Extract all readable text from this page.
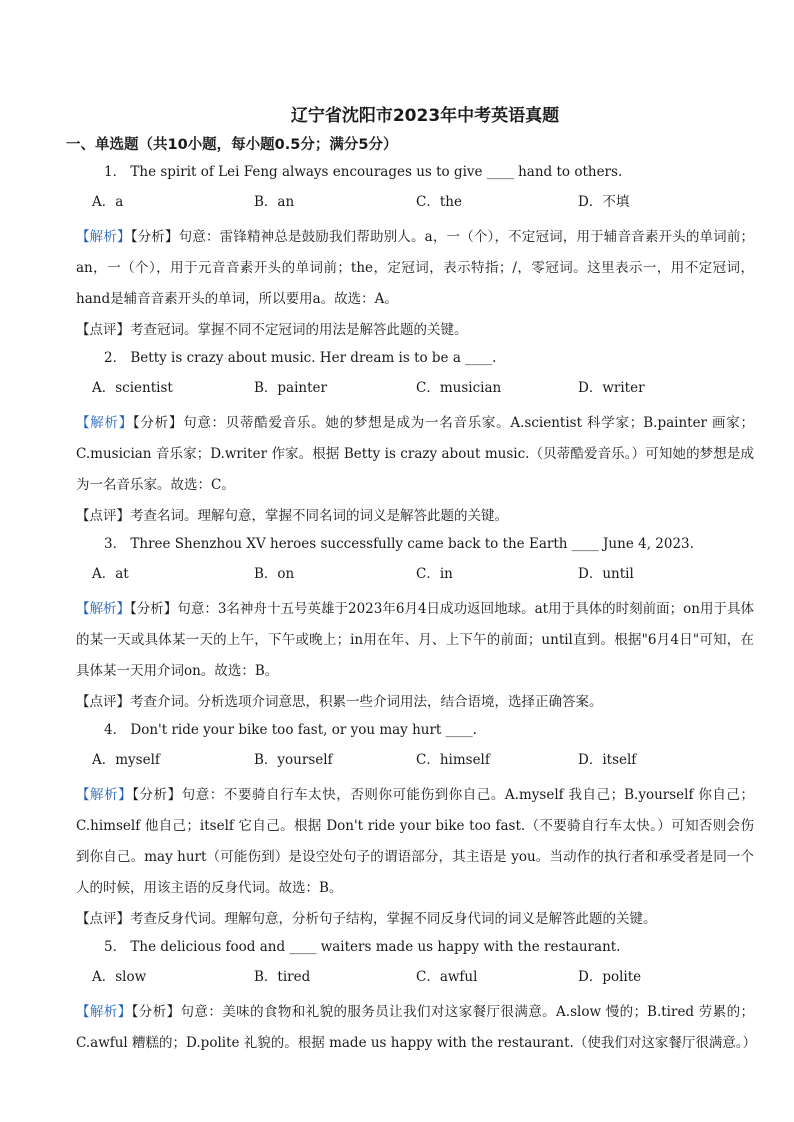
辽宁省沈阳市2023年中考英语真题
一、单选题（共10小题，每小题0.5分；满分5分）
1． The spirit of Lei Feng always encourages us to give ____ hand to others.
A．a	B．an	C．the	D．不填
【解析】【分析】句意：雷锋精神总是鼓励我们帮助别人。a，一（个），不定冠词，用于辅音音素开头的单词前；an，一（个），用于元音音素开头的单词前；the，定冠词，表示特指；/，零冠词。这里表示一，用不定冠词，hand是辅音音素开头的单词，所以要用a。故选：A。
【点评】考查冠词。掌握不同不定冠词的用法是解答此题的关键。
2． Betty is crazy about music. Her dream is to be a ____.
A．scientist	B．painter	C．musician	D．writer
【解析】【分析】句意：贝蒂酷爱音乐。她的梦想是成为一名音乐家。A.scientist 科学家；B.painter 画家；C.musician 音乐家；D.writer 作家。根据 Betty is crazy about music.（贝蒂酷爱音乐。）可知她的梦想是成为一名音乐家。故选：C。
【点评】考查名词。理解句意，掌握不同名词的词义是解答此题的关键。
3． Three Shenzhou XV heroes successfully came back to the Earth ____ June 4, 2023.
A．at	B．on	C．in	D．until
【解析】【分析】句意：3名神舟十五号英雄于2023年6月4日成功返回地球。at用于具体的时刻前面；on用于具体的某一天或具体某一天的上午，下午或晚上；in用在年、月、上下午的前面；until直到。根据"6月4日"可知，在具体某一天用介词on。故选：B。
【点评】考查介词。分析选项介词意思，积累一些介词用法，结合语境，选择正确答案。
4． Don't ride your bike too fast, or you may hurt ____.
A．myself	B．yourself	C．himself	D．itself
【解析】【分析】句意：不要骑自行车太快，否则你可能伤到你自己。A.myself 我自己；B.yourself 你自己；C.himself 他自己；itself 它自己。根据 Don't ride your bike too fast.（不要骑自行车太快。）可知否则会伤到你自己。may hurt（可能伤到）是设空处句子的谓语部分，其主语是 you。当动作的执行者和承受者是同一个人的时候，用该主语的反身代词。故选：B。
【点评】考查反身代词。理解句意，分析句子结构，掌握不同反身代词的词义是解答此题的关键。
5． The delicious food and ____ waiters made us happy with the restaurant.
A．slow	B．tired	C．awful	D．polite
【解析】【分析】句意：美味的食物和礼貌的服务员让我们对这家餐厅很满意。A.slow 慢的；B.tired 劳累的；C.awful 糟糕的；D.polite 礼貌的。根据 made us happy with the restaurant.（使我们对这家餐厅很满意。）
